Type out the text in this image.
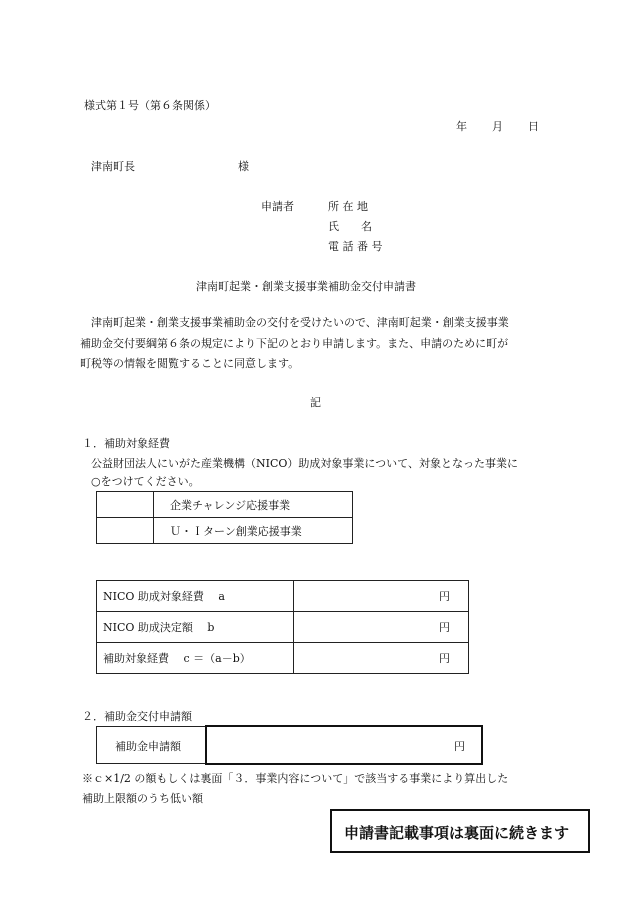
様式第１号（第６条関係）
年 月 日
津南町長	様
申請者	所 在 地
氏　　名
電 話 番 号
津南町起業・創業支援事業補助金交付申請書
津南町起業・創業支援事業補助金の交付を受けたいので、津南町起業・創業支援事業
補助金交付要綱第６条の規定により下記のとおり申請します。また、申請のために町が
町税等の情報を閲覧することに同意します。
記
１．補助対象経費
公益財団法人にいがた産業機構（NICO）助成対象事業について、対象となった事業に
○をつけてください。
	企業チャレンジ応援事業
	Ｕ・Ｉターン創業応援事業
NICO 助成対象経費　 a	円
NICO 助成決定額　 b	円
補助対象経費　 c ＝（a－b）	円
２．補助金交付申請額
補助金申請額	円
※ｃ×1/2 の額もしくは裏面「３．事業内容について」で該当する事業により算出した
補助上限額のうち低い額
申請書記載事項は裏面に続きます
